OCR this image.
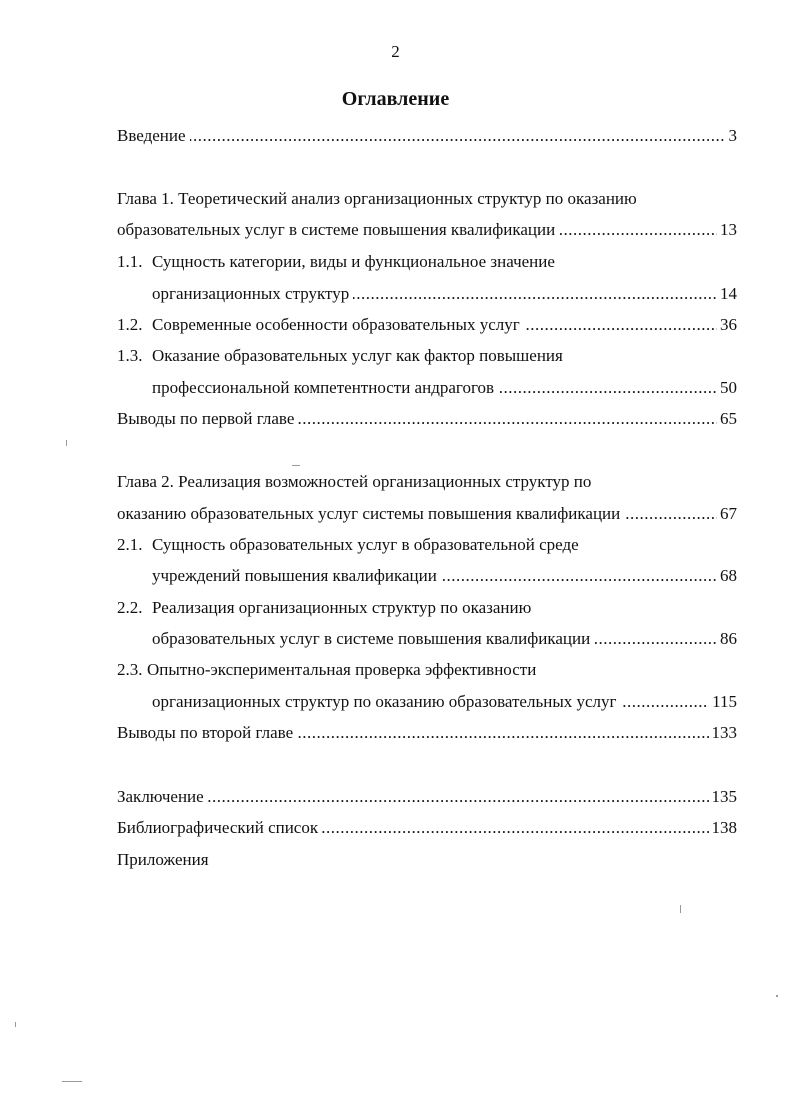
2
Оглавление
.....
Введение	3
Глава 1. Теоретический анализ организационных структур по оказанию
.....
образовательных услуг в системе повышения квалификации	13
1.1. Сущность категории, виды и функциональное значение
.....
организационных структур	14
.....
1.2. Современные особенности образовательных услуг	36
1.3. Оказание образовательных услуг как фактор повышения
.....
профессиональной компетентности андрагогов	50
.....
Выводы по первой главе	65
Глава 2. Реализация возможностей организационных структур по
.....
оказанию образовательных услуг системы повышения квалификации	67
2.1. Сущность образовательных услуг в образовательной среде
.....
учреждений повышения квалификации	68
2.2. Реализация организационных структур по оказанию
.....
образовательных услуг в системе повышения квалификации	86
2.3. Опытно-экспериментальная проверка эффективности
.....
организационных структур по оказанию образовательных услуг	115
.....
Выводы по второй главе	133
.....
Заключение	135
.....
Библиографический список	138
Приложения
